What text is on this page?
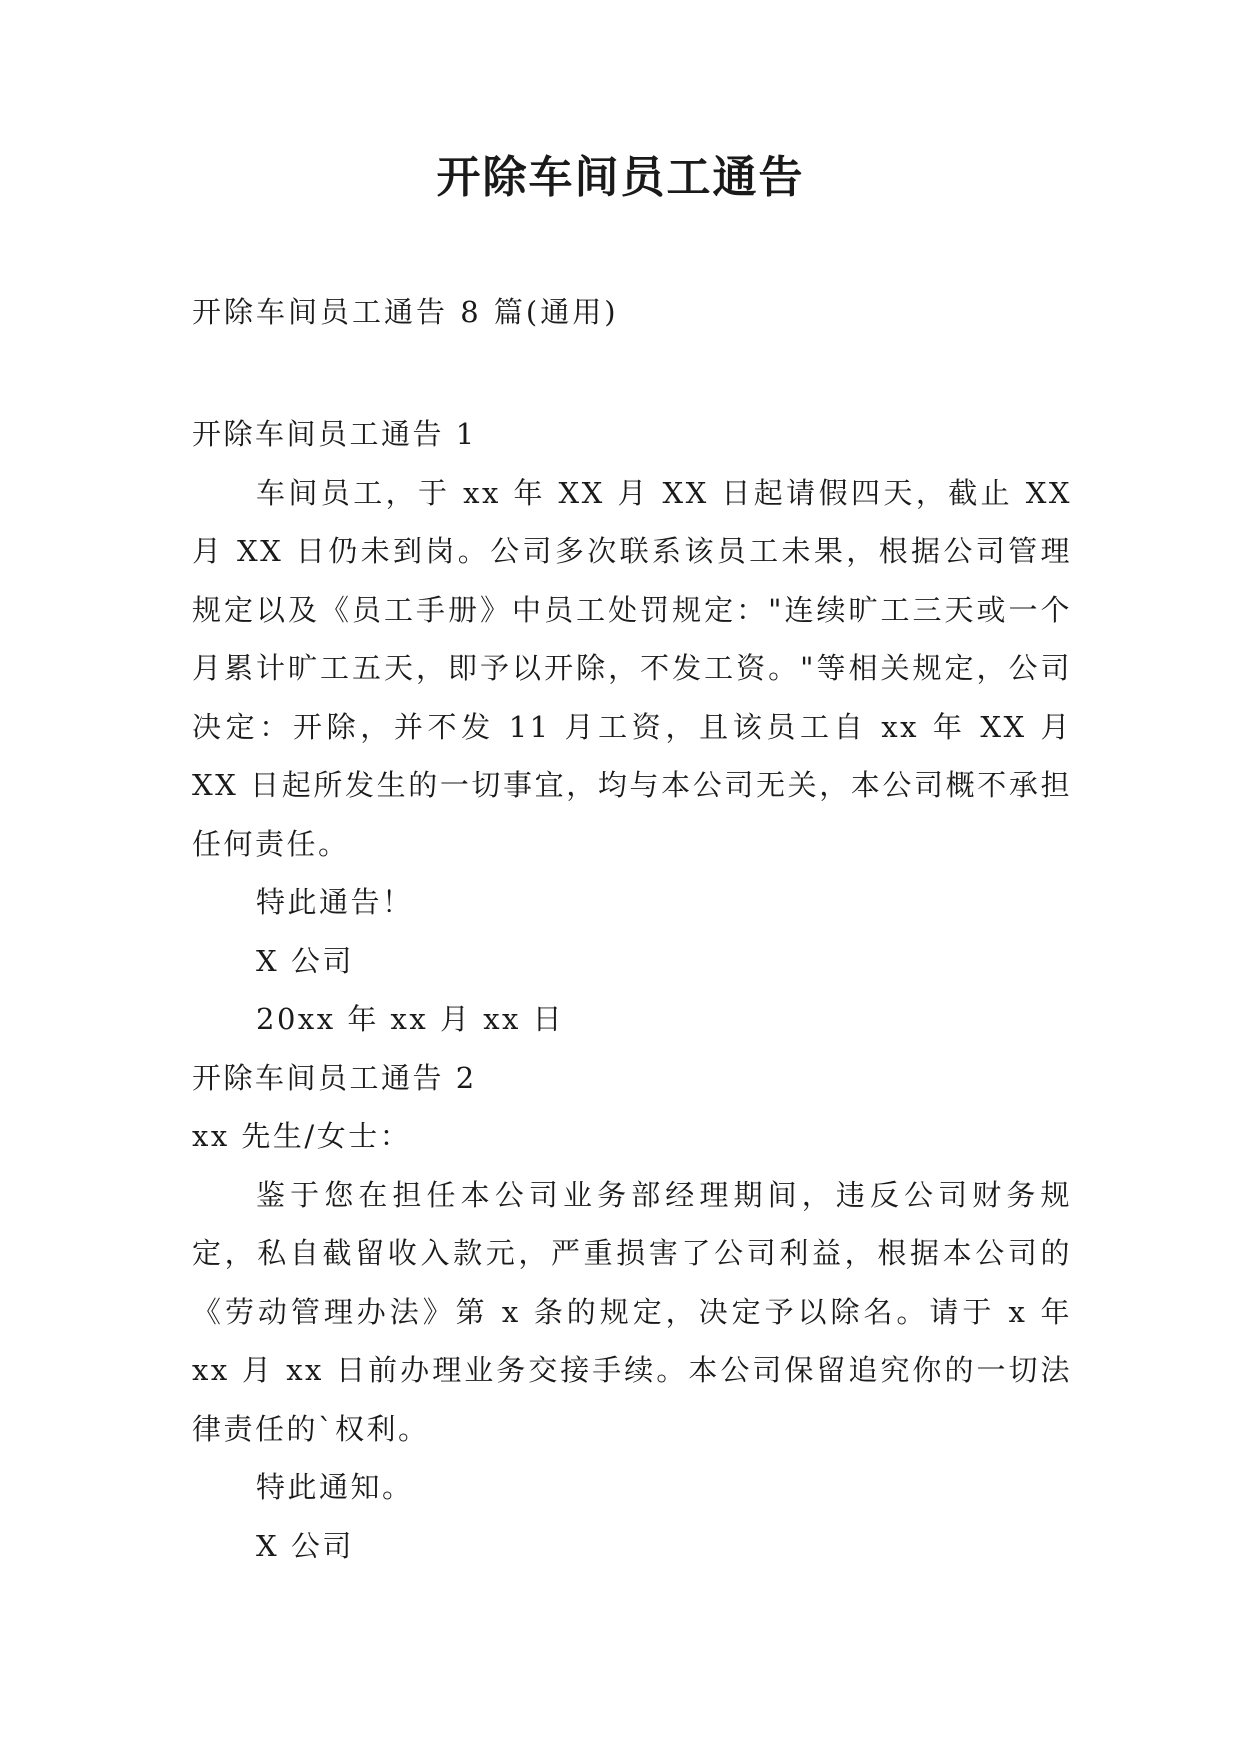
开除车间员工通告

开除车间员工通告 8 篇(通用)

开除车间员工通告 1

车间员工，于 xx 年 XX 月 XX 日起请假四天，截止 XX 月 XX 日仍未到岗。公司多次联系该员工未果，根据公司管理规定以及《员工手册》中员工处罚规定："连续旷工三天或一个月累计旷工五天，即予以开除，不发工资。"等相关规定，公司决定：开除，并不发 11 月工资，且该员工自 xx 年 XX 月 XX 日起所发生的一切事宜，均与本公司无关，本公司概不承担任何责任。

特此通告！

X 公司

20xx 年 xx 月 xx 日

开除车间员工通告 2

xx 先生/女士：

鉴于您在担任本公司业务部经理期间，违反公司财务规定，私自截留收入款元，严重损害了公司利益，根据本公司的《劳动管理办法》第 x 条的规定，决定予以除名。请于 x 年 xx 月 xx 日前办理业务交接手续。本公司保留追究你的一切法律责任的`权利。

特此通知。

X 公司
